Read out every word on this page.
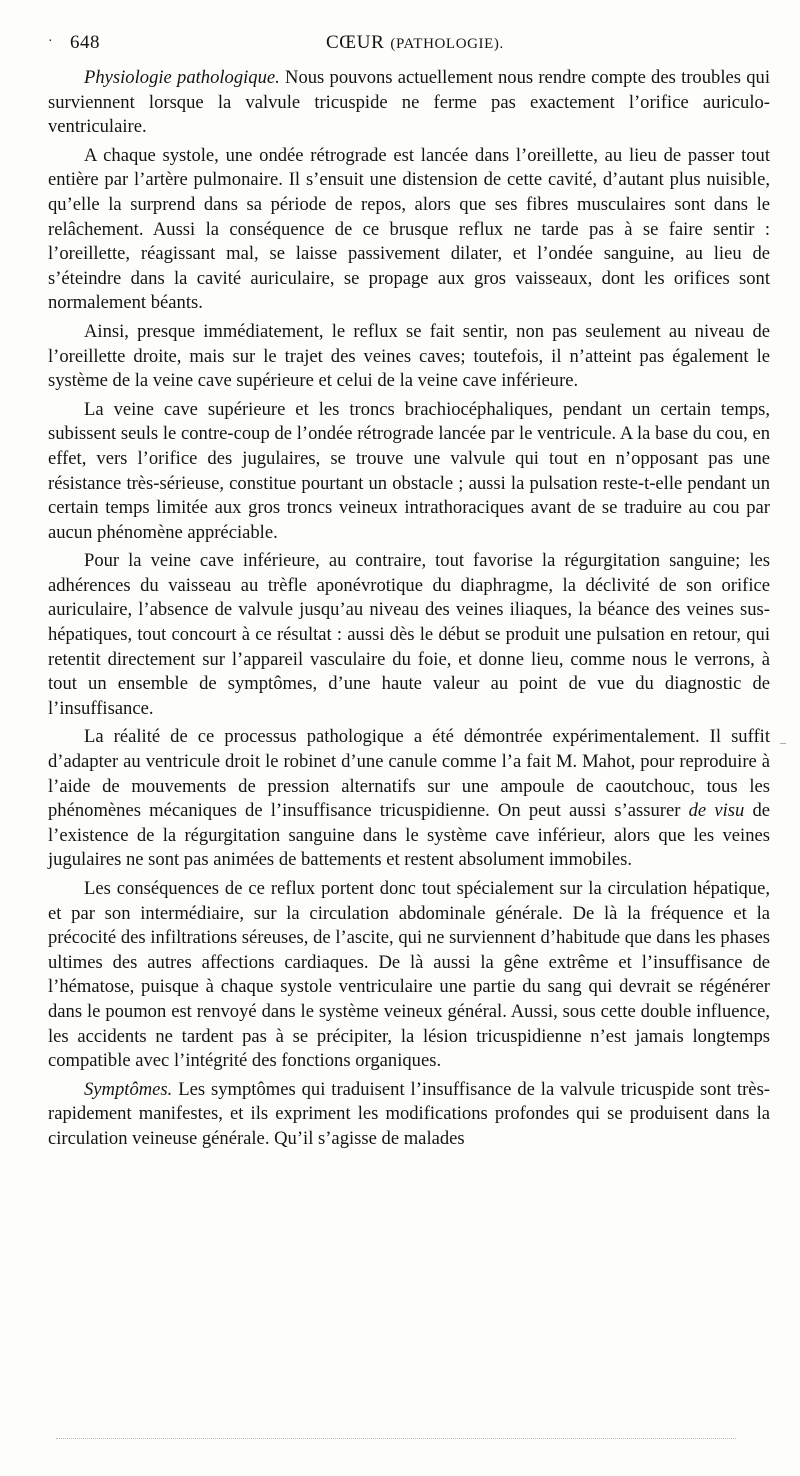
· 648	CŒUR (PATHOLOGIE).

Physiologie pathologique. Nous pouvons actuellement nous rendre compte des troubles qui surviennent lorsque la valvule tricuspide ne ferme pas exactement l’orifice auriculo-ventriculaire.

A chaque systole, une ondée rétrograde est lancée dans l’oreillette, au lieu de passer tout entière par l’artère pulmonaire. Il s’ensuit une distension de cette cavité, d’autant plus nuisible, qu’elle la surprend dans sa période de repos, alors que ses fibres musculaires sont dans le relâchement. Aussi la conséquence de ce brusque reflux ne tarde pas à se faire sentir : l’oreillette, réagissant mal, se laisse passivement dilater, et l’ondée sanguine, au lieu de s’éteindre dans la cavité auriculaire, se propage aux gros vaisseaux, dont les orifices sont normalement béants.

Ainsi, presque immédiatement, le reflux se fait sentir, non pas seulement au niveau de l’oreillette droite, mais sur le trajet des veines caves; toutefois, il n’atteint pas également le système de la veine cave supérieure et celui de la veine cave inférieure.

La veine cave supérieure et les troncs brachiocéphaliques, pendant un certain temps, subissent seuls le contre-coup de l’ondée rétrograde lancée par le ventricule. A la base du cou, en effet, vers l’orifice des jugulaires, se trouve une valvule qui tout en n’opposant pas une résistance très-sérieuse, constitue pourtant un obstacle ; aussi la pulsation reste-t-elle pendant un certain temps limitée aux gros troncs veineux intrathoraciques avant de se traduire au cou par aucun phénomène appréciable.

Pour la veine cave inférieure, au contraire, tout favorise la régurgitation sanguine; les adhérences du vaisseau au trèfle aponévrotique du diaphragme, la déclivité de son orifice auriculaire, l’absence de valvule jusqu’au niveau des veines iliaques, la béance des veines sus-hépatiques, tout concourt à ce résultat : aussi dès le début se produit une pulsation en retour, qui retentit directement sur l’appareil vasculaire du foie, et donne lieu, comme nous le verrons, à tout un ensemble de symptômes, d’une haute valeur au point de vue du diagnostic de l’insuffisance.

La réalité de ce processus pathologique a été démontrée expérimentalement. Il suffit d’adapter au ventricule droit le robinet d’une canule comme l’a fait M. Mahot, pour reproduire à l’aide de mouvements de pression alternatifs sur une ampoule de caoutchouc, tous les phénomènes mécaniques de l’insuffisance tricuspidienne. On peut aussi s’assurer de visu de l’existence de la régurgitation sanguine dans le système cave inférieur, alors que les veines jugulaires ne sont pas animées de battements et restent absolument immobiles.

Les conséquences de ce reflux portent donc tout spécialement sur la circulation hépatique, et par son intermédiaire, sur la circulation abdominale générale. De là la fréquence et la précocité des infiltrations séreuses, de l’ascite, qui ne surviennent d’habitude que dans les phases ultimes des autres affections cardiaques. De là aussi la gêne extrême et l’insuffisance de l’hématose, puisque à chaque systole ventriculaire une partie du sang qui devrait se régénérer dans le poumon est renvoyé dans le système veineux général. Aussi, sous cette double influence, les accidents ne tardent pas à se précipiter, la lésion tricuspidienne n’est jamais longtemps compatible avec l’intégrité des fonctions organiques.

Symptômes. Les symptômes qui traduisent l’insuffisance de la valvule tricuspide sont très-rapidement manifestes, et ils expriment les modifications profondes qui se produisent dans la circulation veineuse générale. Qu’il s’agisse de malades

–
